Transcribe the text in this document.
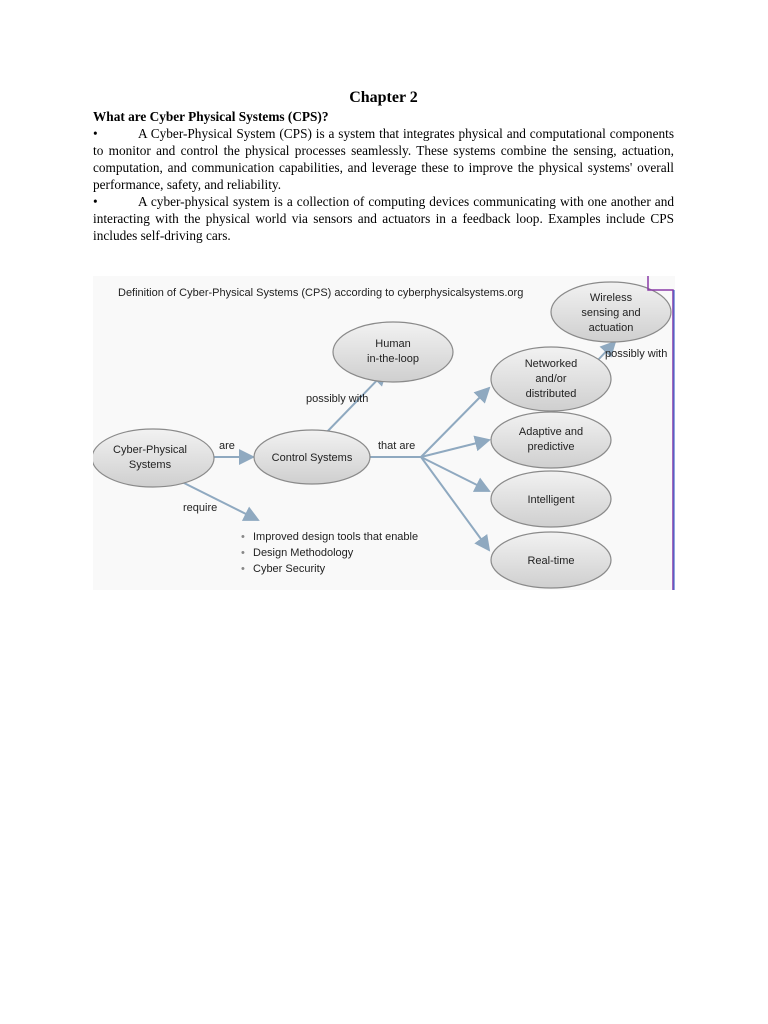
Chapter 2

What are Cyber Physical Systems (CPS)?

•	A Cyber-Physical System (CPS) is a system that integrates physical and computational components to monitor and control the physical processes seamlessly. These systems combine the sensing, actuation, computation, and communication capabilities, and leverage these to improve the physical systems' overall performance, safety, and reliability.

•	A cyber-physical system is a collection of computing devices communicating with one another and interacting with the physical world via sensors and actuators in a feedback loop. Examples include CPS includes self-driving cars.

Definition of Cyber-Physical Systems (CPS) according to cyberphysicalsystems.org
Cyber-Physical
Systems
Control Systems
Human
in-the-loop	Networked
and/or
distributed
Wireless
sensing and
actuation
Adaptive and
predictive
Intelligent
Real-time
are
possibly with
that are
possibly with
require
• Improved design tools that enable
• Design Methodology
• Cyber Security
